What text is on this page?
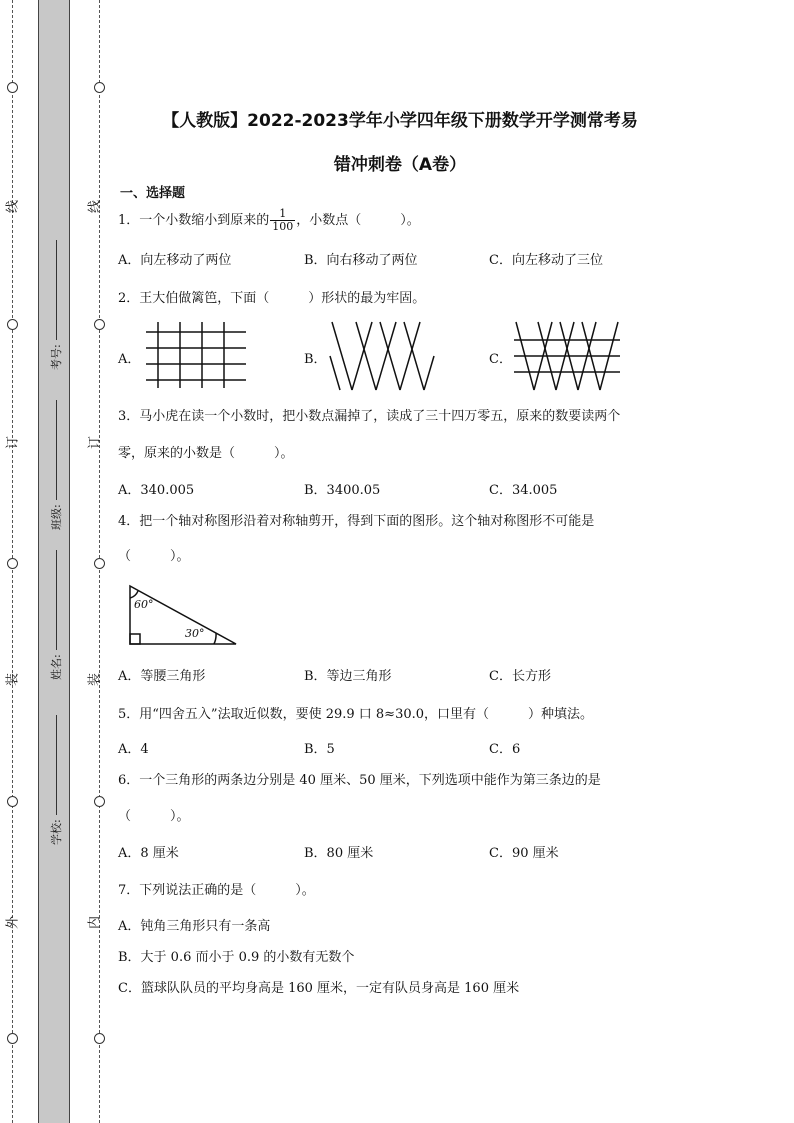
线
订
装
外
线
订
装
内
考号:
班级:
姓名:
学校:
【人教版】2022-2023学年小学四年级下册数学开学测常考易
错冲刺卷（A卷）
一、选择题
1．一个小数缩小到原来的 $\frac{1}{100}$ ，小数点（　　　）。
A．向左移动了两位	B．向右移动了两位	C．向左移动了三位
2．王大伯做篱笆，下面（　　　）形状的最为牢固。
A．	B．	C．
3．马小虎在读一个小数时，把小数点漏掉了，读成了三十四万零五，原来的数要读两个
零，原来的小数是（　　　）。
A．340.005	B．3400.05	C．34.005
4．把一个轴对称图形沿着对称轴剪开，得到下面的图形。这个轴对称图形不可能是
（　　　）。
60°
30°
A．等腰三角形	B．等边三角形	C．长方形
5．用“四舍五入”法取近似数，要使 29.9 口 8≈30.0，口里有（　　　）种填法。
A．4	B．5	C．6
6．一个三角形的两条边分别是 40 厘米、50 厘米，下列选项中能作为第三条边的是
（　　　）。
A．8 厘米	B．80 厘米	C．90 厘米
7．下列说法正确的是（　　　）。
A．钝角三角形只有一条高
B．大于 0.6 而小于 0.9 的小数有无数个
C．篮球队队员的平均身高是 160 厘米，一定有队员身高是 160 厘米
